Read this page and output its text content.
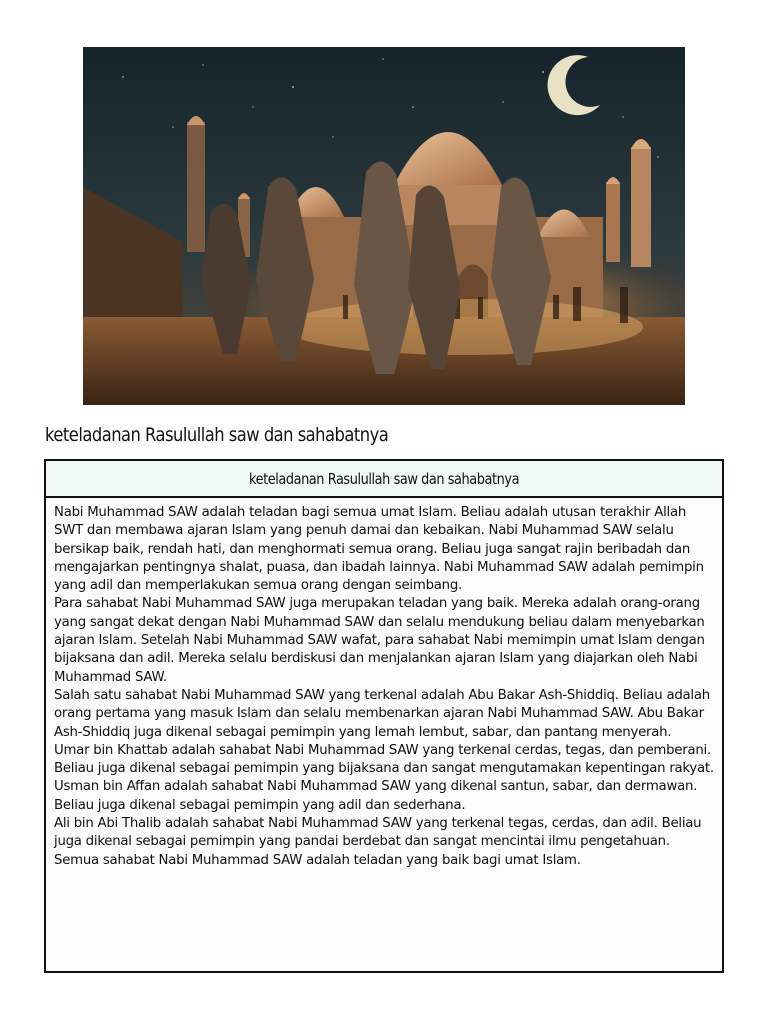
keteladanan Rasulullah saw dan sahabatnya
keteladanan Rasulullah saw dan sahabatnya

Nabi Muhammad SAW adalah teladan bagi semua umat Islam. Beliau adalah utusan terakhir Allah SWT dan membawa ajaran Islam yang penuh damai dan kebaikan. Nabi Muhammad SAW selalu bersikap baik, rendah hati, dan menghormati semua orang. Beliau juga sangat rajin beribadah dan mengajarkan pentingnya shalat, puasa, dan ibadah lainnya. Nabi Muhammad SAW adalah pemimpin yang adil dan memperlakukan semua orang dengan seimbang.

Para sahabat Nabi Muhammad SAW juga merupakan teladan yang baik. Mereka adalah orang-orang yang sangat dekat dengan Nabi Muhammad SAW dan selalu mendukung beliau dalam menyebarkan ajaran Islam. Setelah Nabi Muhammad SAW wafat, para sahabat Nabi memimpin umat Islam dengan bijaksana dan adil. Mereka selalu berdiskusi dan menjalankan ajaran Islam yang diajarkan oleh Nabi Muhammad SAW.

Salah satu sahabat Nabi Muhammad SAW yang terkenal adalah Abu Bakar Ash-Shiddiq. Beliau adalah orang pertama yang masuk Islam dan selalu membenarkan ajaran Nabi Muhammad SAW. Abu Bakar Ash-Shiddiq juga dikenal sebagai pemimpin yang lemah lembut, sabar, dan pantang menyerah.

Umar bin Khattab adalah sahabat Nabi Muhammad SAW yang terkenal cerdas, tegas, dan pemberani. Beliau juga dikenal sebagai pemimpin yang bijaksana dan sangat mengutamakan kepentingan rakyat. Usman bin Affan adalah sahabat Nabi Muhammad SAW yang dikenal santun, sabar, dan dermawan. Beliau juga dikenal sebagai pemimpin yang adil dan sederhana.

Ali bin Abi Thalib adalah sahabat Nabi Muhammad SAW yang terkenal tegas, cerdas, dan adil. Beliau juga dikenal sebagai pemimpin yang pandai berdebat dan sangat mencintai ilmu pengetahuan. Semua sahabat Nabi Muhammad SAW adalah teladan yang baik bagi umat Islam.
